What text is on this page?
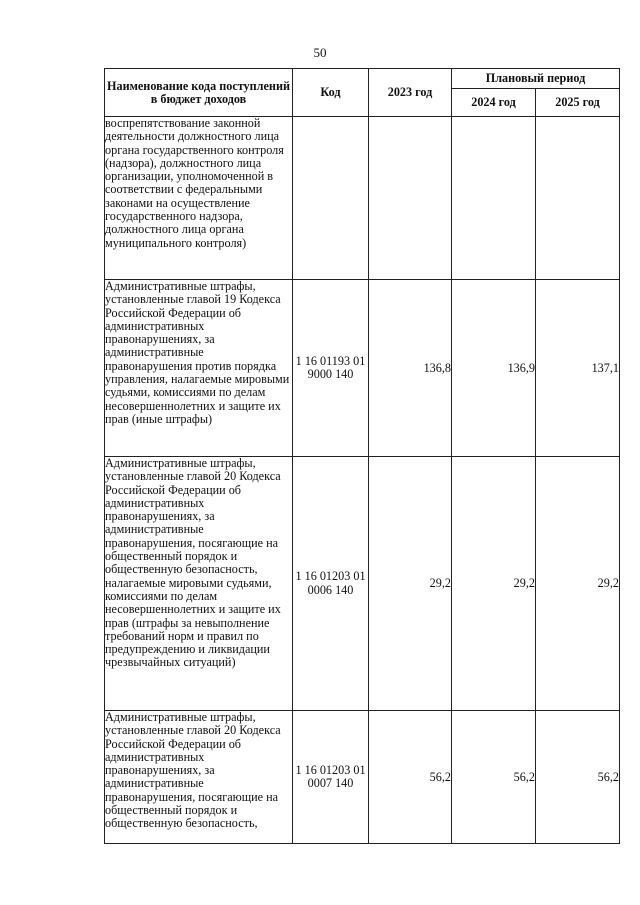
50
Наименование кода поступлений в бюджет доходов	Код	2023 год	Плановый период	
			2024 год	2025 год
воспрепятствование законной деятельности должностного лица органа государственного контроля (надзора), должностного лица организации, уполномоченной в соответствии с федеральными законами на осуществление государственного надзора, должностного лица органа муниципального контроля)				
Административные штрафы, установленные главой 19 Кодекса Российской Федерации об административных правонарушениях, за административные правонарушения против порядка управления, налагаемые мировыми судьями, комиссиями по делам несовершеннолетних и защите их прав (иные штрафы)	1 16 01193 01 9000 140	136,8	136,9	137,1
Административные штрафы, установленные главой 20 Кодекса Российской Федерации об административных правонарушениях, за административные правонарушения, посягающие на общественный порядок и общественную безопасность, налагаемые мировыми судьями, комиссиями по делам несовершеннолетних и защите их прав (штрафы за невыполнение требований норм и правил по предупреждению и ликвидации чрезвычайных ситуаций)	1 16 01203 01 0006 140	29,2	29,2	29,2
Административные штрафы, установленные главой 20 Кодекса Российской Федерации об административных правонарушениях, за административные правонарушения, посягающие на общественный порядок и общественную безопасность,	1 16 01203 01 0007 140	56,2	56,2	56,2
